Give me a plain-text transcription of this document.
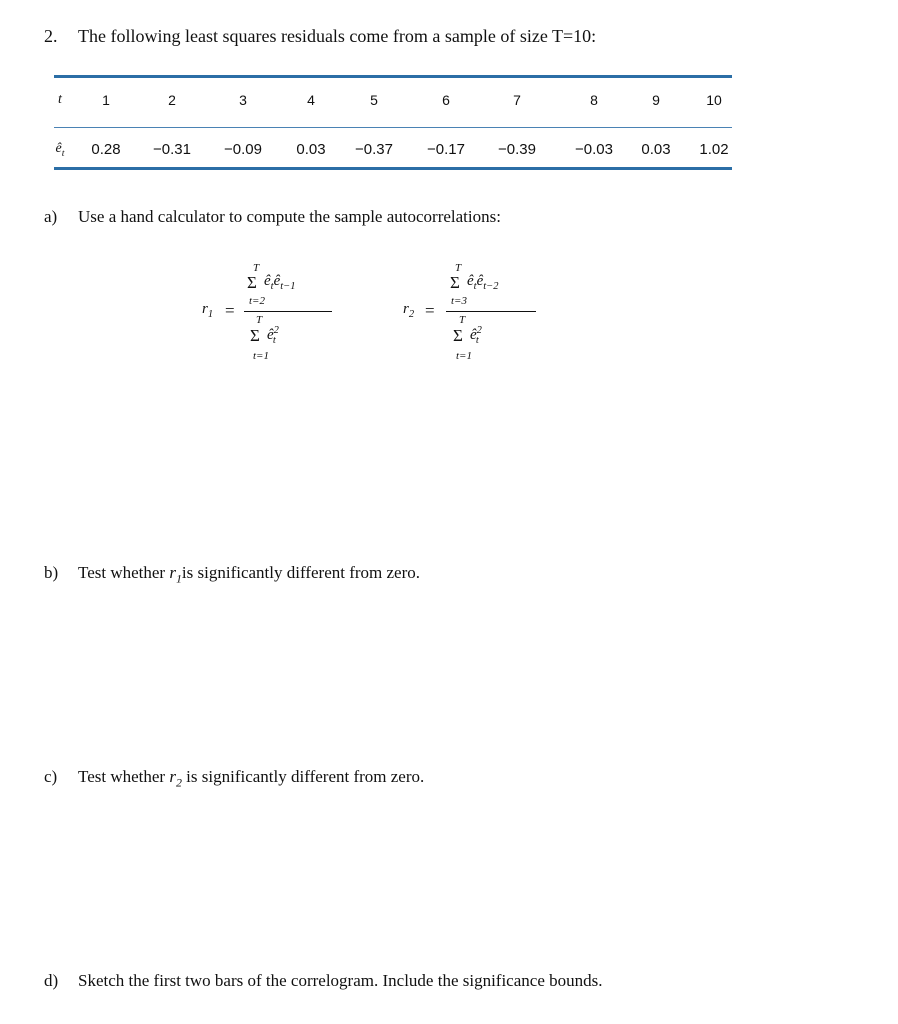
2. The following least squares residuals come from a sample of size T=10:
t	1	2	3	4	5	6	7	8	9	10
$ê_t$ 0.28 −0.31 −0.09 0.03 −0.37 −0.17 −0.39	−0.03 0.03 1.02
a) Use a hand calculator to compute the sample autocorrelations:
$r_1$ =
T
Σ $ê_tê_{t-1}$
t=2
T
Σ $ê^2_t$
t=1
$r_2$ =
T
Σ $ê_tê_{t-2}$
t=3
T
Σ $ê^2_t$
t=1
b) Test whether $r_1is$ significantly different from zero.
c) Test whether $r_2$ is significantly different from zero.
d) Sketch the first two bars of the correlogram. Include the significance bounds.
